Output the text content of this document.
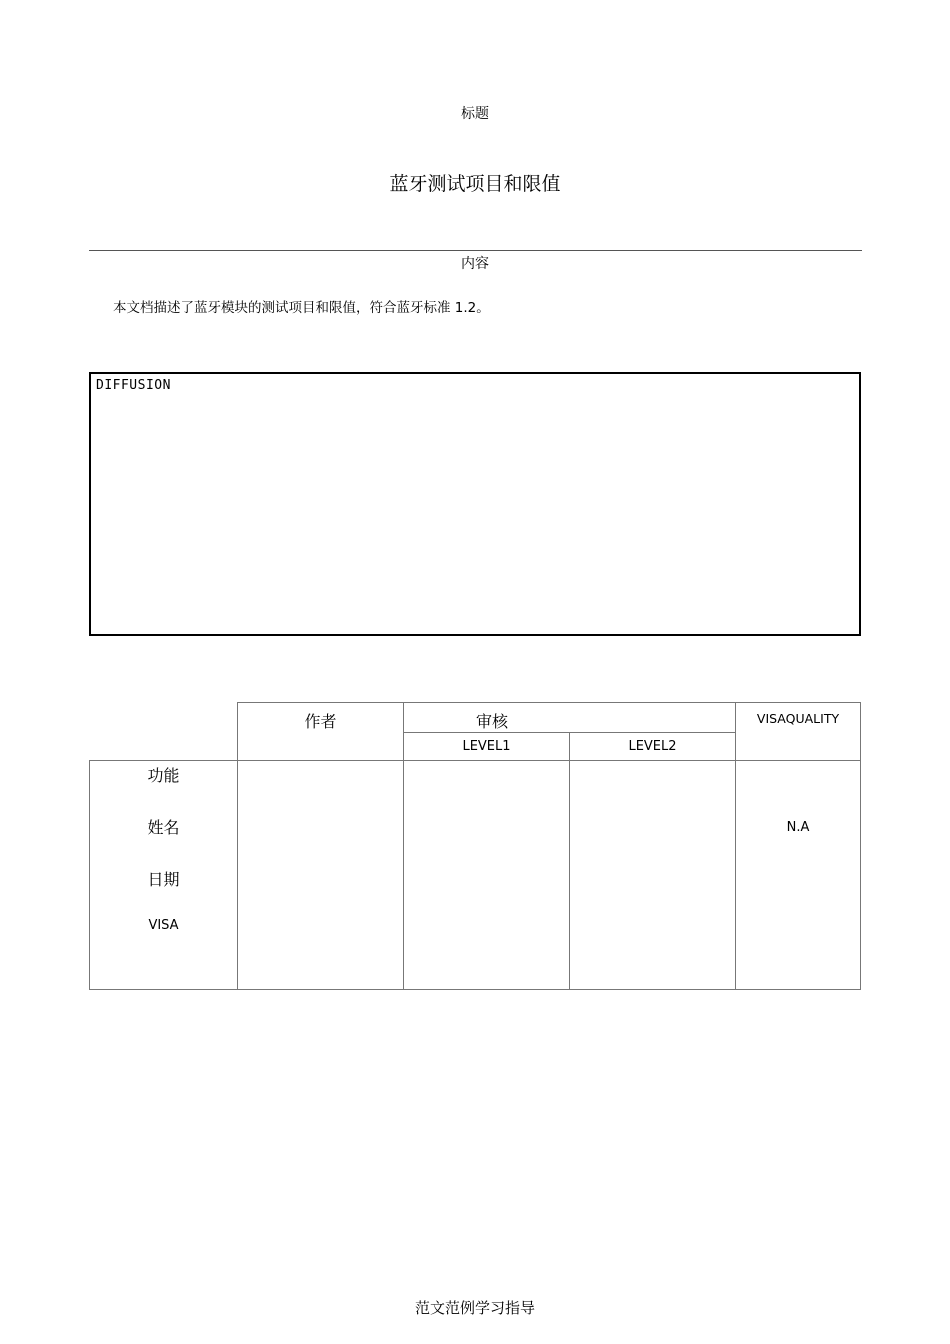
标题
蓝牙测试项目和限值
内容
本文档描述了蓝牙模块的测试项目和限值，符合蓝牙标准 1.2。
DIFFUSION
作者	审核
LEVEL1	LEVEL2
VISAQUALITY
功能
姓名
日期
VISA
N.A
范文范例学习指导
